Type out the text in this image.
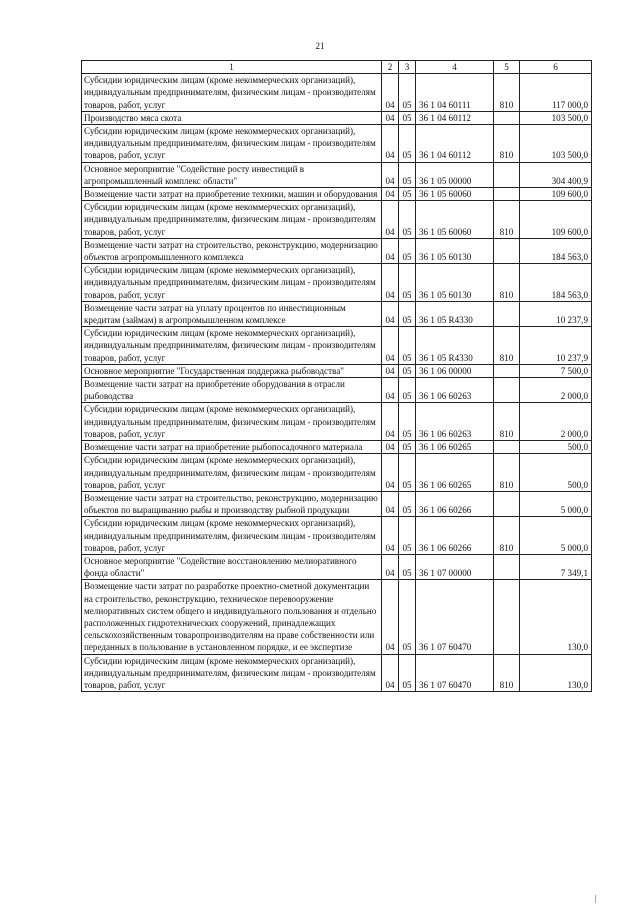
21
1	2	3	4	5	6
Субсидии юридическим лицам (кроме некоммерческих организаций), индивидуальным предпринимателям, физическим лицам - производителям товаров, работ, услуг	04	05	36 1 04 60111	810	117 000,0
Производство мяса скота	04	05	36 1 04 60112		103 500,0
Субсидии юридическим лицам (кроме некоммерческих организаций), индивидуальным предпринимателям, физическим лицам - производителям товаров, работ, услуг	04	05	36 1 04 60112	810	103 500,0
Основное мероприятие "Содействие росту инвестиций в агропромышленный комплекс области"	04	05	36 1 05 00000		304 400,9
Возмещение части затрат на приобретение техники, машин и оборудования	04	05	36 1 05 60060		109 600,0
Субсидии юридическим лицам (кроме некоммерческих организаций), индивидуальным предпринимателям, физическим лицам - производителям товаров, работ, услуг	04	05	36 1 05 60060	810	109 600,0
Возмещение части затрат на строительство, реконструкцию, модернизацию объектов агропромышленного комплекса	04	05	36 1 05 60130		184 563,0
Субсидии юридическим лицам (кроме некоммерческих организаций), индивидуальным предпринимателям, физическим лицам - производителям товаров, работ, услуг	04	05	36 1 05 60130	810	184 563,0
Возмещение части затрат на уплату процентов по инвестиционным кредитам (займам) в агропромышленном комплексе	04	05	36 1 05 R4330		10 237,9
Субсидии юридическим лицам (кроме некоммерческих организаций), индивидуальным предпринимателям, физическим лицам - производителям товаров, работ, услуг	04	05	36 1 05 R4330	810	10 237,9
Основное мероприятие "Государственная поддержка рыбоводства"	04	05	36 1 06 00000		7 500,0
Возмещение части затрат на приобретение оборудования в отрасли рыбоводства	04	05	36 1 06 60263		2 000,0
Субсидии юридическим лицам (кроме некоммерческих организаций), индивидуальным предпринимателям, физическим лицам - производителям товаров, работ, услуг	04	05	36 1 06 60263	810	2 000,0
Возмещение части затрат на приобретение рыбопосадочного материала	04	05	36 1 06 60265		500,0
Субсидии юридическим лицам (кроме некоммерческих организаций), индивидуальным предпринимателям, физическим лицам - производителям товаров, работ, услуг	04	05	36 1 06 60265	810	500,0
Возмещение части затрат на строительство, реконструкцию, модернизацию объектов по выращиванию рыбы и производству рыбной продукции	04	05	36 1 06 60266		5 000,0
Субсидии юридическим лицам (кроме некоммерческих организаций), индивидуальным предпринимателям, физическим лицам - производителям товаров, работ, услуг	04	05	36 1 06 60266	810	5 000,0
Основное мероприятие "Содействие восстановлению мелиоративного фонда области"	04	05	36 1 07 00000		7 349,1
Возмещение части затрат по разработке проектно-сметной документации на строительство, реконструкцию, техническое перевооружение мелиоративных систем общего и индивидуального пользования и отдельно расположенных гидротехнических сооружений, принадлежащих сельскохозяйственным товаропроизводителям на праве собственности или переданных в пользование в установленном порядке, и ее экспертизе	04	05	36 1 07 60470		130,0
Субсидии юридическим лицам (кроме некоммерческих организаций), индивидуальным предпринимателям, физическим лицам - производителям товаров, работ, услуг	04	05	36 1 07 60470	810	130,0
